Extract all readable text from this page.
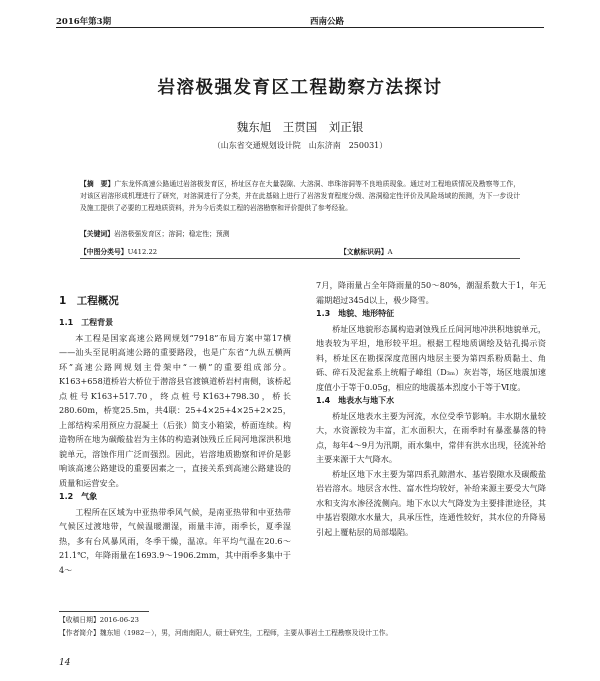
2016年第3期	西南公路
岩溶极强发育区工程勘察方法探讨
魏东旭　王贯国　刘正银
（山东省交通规划设计院　山东济南　250031）
【摘　要】广东龙怀高速公路通过岩溶极发育区，桥址区存在大量裂隙、大溶洞、串珠溶洞等不良地质现象。通过对工程地质情况及勘察等工作，对该区岩溶形成机理进行了研究，对溶洞进行了分类，并在此基础上进行了岩溶发育程度分级、溶洞稳定性评价及风险场域的预测，为下一步设计及施工提供了必要的工程地质资料，并为今后类似工程的岩溶勘察和评价提供了参考经验。
【关键词】岩溶极强发育区；溶洞；稳定性；预测
【中图分类号】U412.22	【文献标识码】A
1　工程概况
1.1　工程背景
本工程是国家高速公路网规划“7918”布局方案中第17横——汕头至昆明高速公路的重要路段，也是广东省“九纵五横两环”高速公路网规划主骨架中“一横”的重要组成部分。K163+658道桥岩大桥位于潜溶县官渡镇道桥岩村南侧，该桥起点桩号K163+517.70，终点桩号K163+798.30，桥长280.60m，桥宽25.5m，共4联：25+4×25+4×25+2×25，上部结构采用预应力混凝土（后张）简支小箱梁，桥面连续。构造物所在地为碳酸盐岩为主体的构造剥蚀残丘丘间河地深洪积地貌单元，溶蚀作用广泛而强烈。因此，岩溶地质勘察和评价是影响该高速公路建设的重要因素之一，直接关系到高速公路建设的质量和运营安全。
1.2　气象
工程所在区域为中亚热带季风气候，是南亚热带和中亚热带气候区过渡地带，气候温暖潮湿，雨量丰沛，雨季长，夏季湿热，多有台风暴风雨，冬季干燥，温凉。年平均气温在20.6～21.1℃，年降雨量在1693.9～1906.2mm，其中雨季多集中于4～
7月，降雨量占全年降雨量的50～80%，潮湿系数大于1，年无霜期超过345d以上，极少降雪。
1.3　地貌、地形特征
桥址区地貌形态属构造剥蚀残丘丘间河地冲洪积地貌单元，地表较为平坦，地形较平坦。根据工程地质调绘及钻孔揭示资料，桥址区在勘探深度范围内地层主要为第四系粉质黏土、角砾、碎石及泥盆系上统帽子峰组（D₃ₘ）灰岩等，场区地震加速度值小于等于0.05g，相应的地震基本烈度小于等于Ⅵ度。
1.4　地表水与地下水
桥址区地表水主要为河流，水位受季节影响。丰水期水量较大，水资源较为丰富，汇水面积大，在雨季时有暴涨暴落的特点，每年4～9月为汛期，雨水集中，常伴有洪水出现，径流补给主要来源于大气降水。
桥址区地下水主要为第四系孔隙潜水、基岩裂隙水及碳酸盐岩岩溶水。地层含水性、富水性均较好，补给来源主要受大气降水和支沟水渗径流侧向。地下水以大气降发为主要排泄途径，其中基岩裂隙水水量大，具承压性，连通性较好，其水位的升降易引起上覆粘层的局部塌陷。
【收稿日期】2016-06-23
【作者简介】魏东旭（1982－），男，河南南阳人，硕士研究生，工程师，主要从事岩土工程勘察及设计工作。
14
